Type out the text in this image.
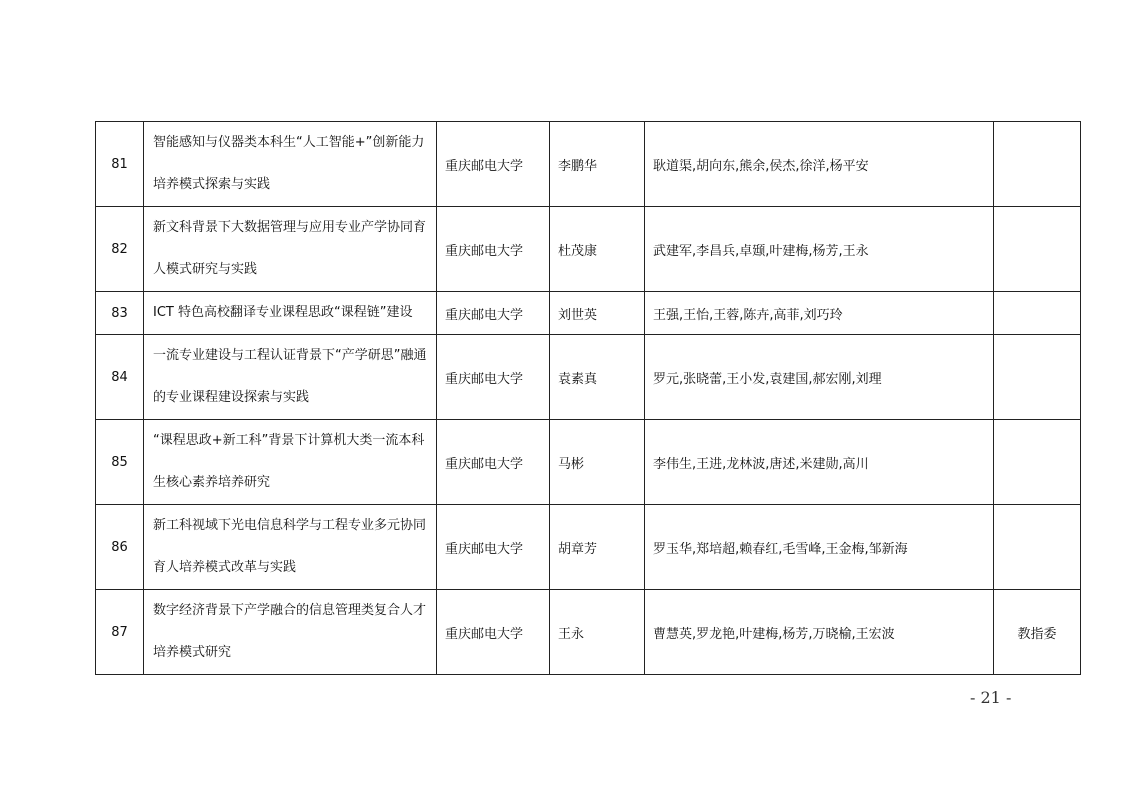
81	智能感知与仪器类本科生“人工智能+”创新能力培养模式探索与实践	重庆邮电大学	李鹏华	耿道渠,胡向东,熊余,侯杰,徐洋,杨平安	
82	新文科背景下大数据管理与应用专业产学协同育人模式研究与实践	重庆邮电大学	杜茂康	武建军,李昌兵,卓颋,叶建梅,杨芳,王永	
83	ICT 特色高校翻译专业课程思政“课程链”建设	重庆邮电大学	刘世英	王强,王怡,王蓉,陈卉,高菲,刘巧玲	
84	一流专业建设与工程认证背景下“产学研思”融通的专业课程建设探索与实践	重庆邮电大学	袁素真	罗元,张晓蕾,王小发,袁建国,郝宏刚,刘理	
85	“课程思政+新工科”背景下计算机大类一流本科生核心素养培养研究	重庆邮电大学	马彬	李伟生,王进,龙林波,唐述,米建勋,高川	
86	新工科视域下光电信息科学与工程专业多元协同育人培养模式改革与实践	重庆邮电大学	胡章芳	罗玉华,郑培超,赖春红,毛雪峰,王金梅,邹新海	
87	数字经济背景下产学融合的信息管理类复合人才培养模式研究	重庆邮电大学	王永	曹慧英,罗龙艳,叶建梅,杨芳,万晓榆,王宏波	教指委
- 21 -
